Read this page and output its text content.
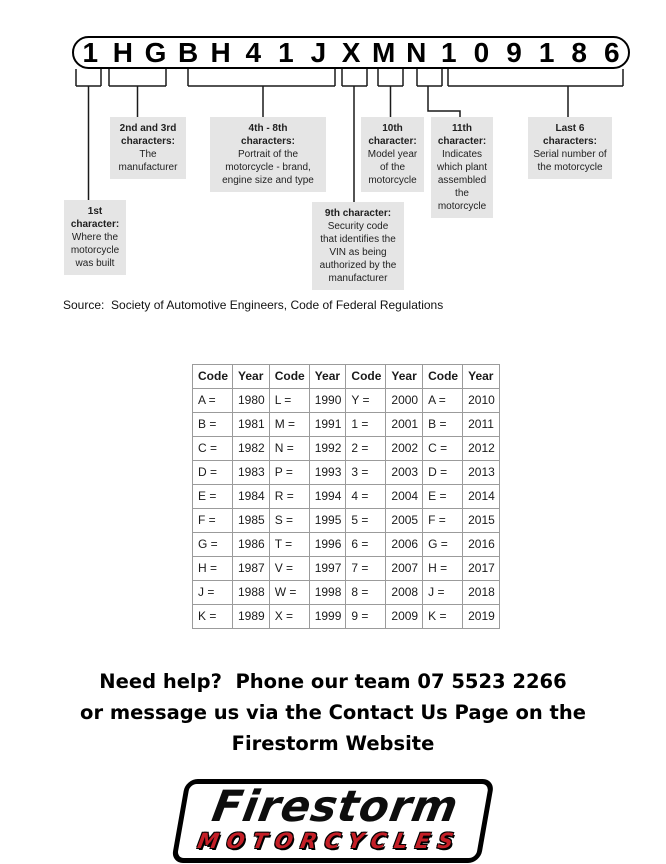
1 H G B H 4 1 J X M N 1 0 9 1 8 6
1st
character:
Where the
motorcycle
was built
2nd and 3rd
characters:
The
manufacturer
4th - 8th
characters:
Portrait of the
motorcycle - brand,
engine size and type
9th character:
Security code
that identifies the
VIN as being
authorized by the
manufacturer
10th
character:
Model year
of the
motorcycle
11th
character:
Indicates
which plant
assembled
the
motorcycle
Last 6
characters:
Serial number of
the motorcycle
Source:  Society of Automotive Engineers, Code of Federal Regulations
Code	Year	Code	Year	Code	Year	Code	Year
A =	1980	L =	1990	Y =	2000	A =	2010
B =	1981	M =	1991	1 =	2001	B =	2011
C =	1982	N =	1992	2 =	2002	C =	2012
D =	1983	P =	1993	3 =	2003	D =	2013
E =	1984	R =	1994	4 =	2004	E =	2014
F =	1985	S =	1995	5 =	2005	F =	2015
G =	1986	T =	1996	6 =	2006	G =	2016
H =	1987	V =	1997	7 =	2007	H =	2017
J =	1988	W =	1998	8 =	2008	J =	2018
K =	1989	X =	1999	9 =	2009	K =	2019
Need help?  Phone our team 07 5523 2266
or message us via the Contact Us Page on the
Firestorm Website
Firestorm
MOTORCYCLES
